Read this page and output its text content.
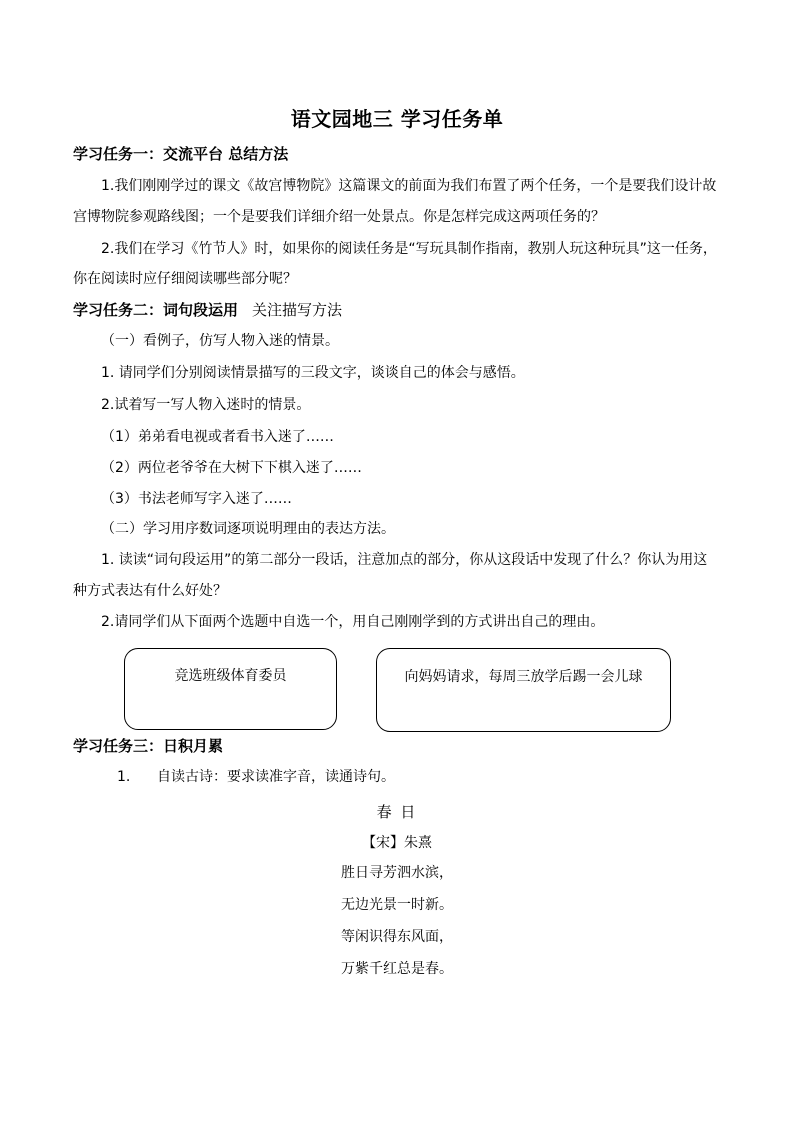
语文园地三 学习任务单
学习任务一：交流平台 总结方法
1.我们刚刚学过的课文《故宫博物院》这篇课文的前面为我们布置了两个任务，一个是要我们设计故
宫博物院参观路线图；一个是要我们详细介绍一处景点。你是怎样完成这两项任务的？
2.我们在学习《竹节人》时，如果你的阅读任务是“写玩具制作指南，教别人玩这种玩具”这一任务，
你在阅读时应仔细阅读哪些部分呢？
学习任务二：词句段运用 关注描写方法
（一）看例子，仿写人物入迷的情景。
1. 请同学们分别阅读情景描写的三段文字，谈谈自己的体会与感悟。
2.试着写一写人物入迷时的情景。
（1）弟弟看电视或者看书入迷了……
（2）两位老爷爷在大树下下棋入迷了……
（3）书法老师写字入迷了……
（二）学习用序数词逐项说明理由的表达方法。
1. 读读“词句段运用”的第二部分一段话，注意加点的部分，你从这段话中发现了什么？你认为用这
种方式表达有什么好处？
2.请同学们从下面两个选题中自选一个，用自己刚刚学到的方式讲出自己的理由。
竞选班级体育委员	向妈妈请求，每周三放学后踢一会儿球
学习任务三：日积月累
1. 自读古诗：要求读准字音，读通诗句。
春 日
【宋】朱熹
胜日寻芳泗水滨，
无边光景一时新。
等闲识得东风面，
万紫千红总是春。
